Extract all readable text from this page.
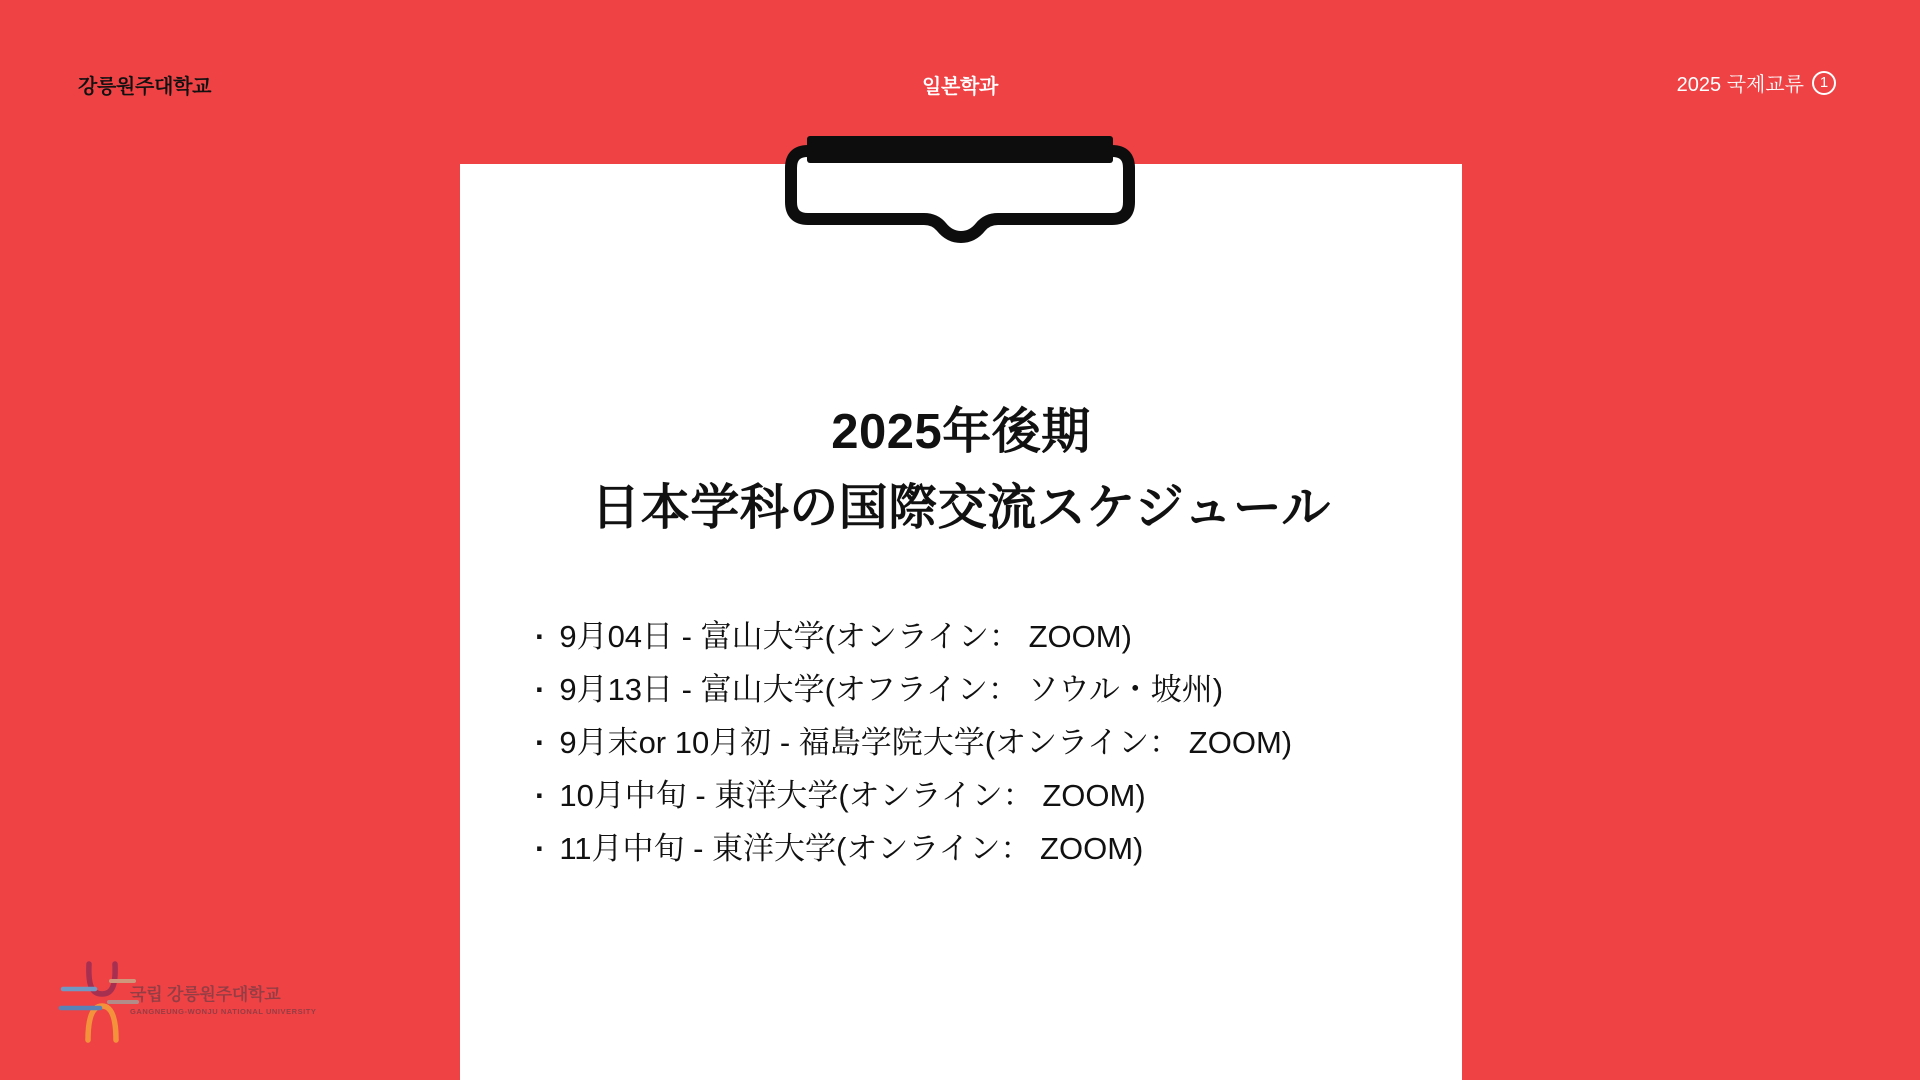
강릉원주대학교	일본학과	2025 국제교류	1
2025年後期
日本学科の国際交流スケジュール
· 9月04日 - 富山大学(オンライン： ZOOM)
· 9月13日 - 富山大学(オフライン： ソウル・坡州)
· 9月末or 10月初 - 福島学院大学(オンライン： ZOOM)
· 10月中旬 - 東洋大学(オンライン： ZOOM)
· 11月中旬 - 東洋大学(オンライン： ZOOM)
국립 강릉원주대학교
GANGNEUNG-WONJU NATIONAL UNIVERSITY
